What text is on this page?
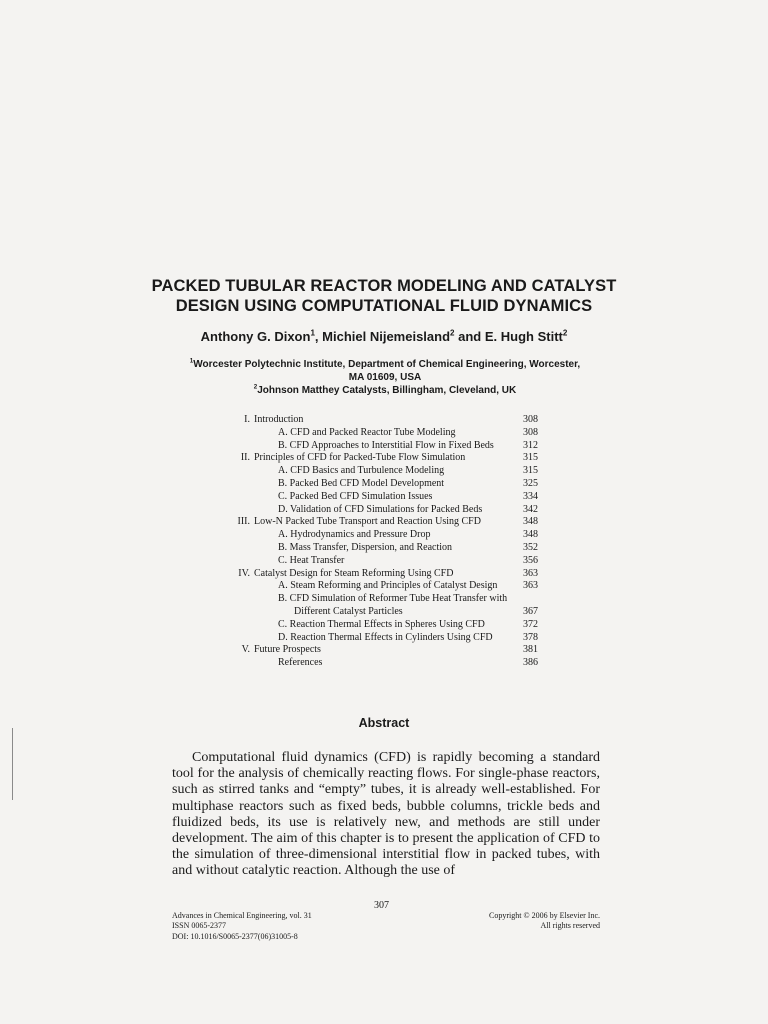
PACKED TUBULAR REACTOR MODELING AND CATALYST
DESIGN USING COMPUTATIONAL FLUID DYNAMICS
Anthony G. Dixon$^1$, Michiel Nijemeisland$^2$ and E. Hugh Stitt$^2$
$^1$Worcester Polytechnic Institute, Department of Chemical Engineering, Worcester,
MA 01609, USA
$^2$Johnson Matthey Catalysts, Billingham, Cleveland, UK
I. Introduction	308
A. CFD and Packed Reactor Tube Modeling	308
B. CFD Approaches to Interstitial Flow in Fixed Beds	312
II. Principles of CFD for Packed-Tube Flow Simulation	315
A. CFD Basics and Turbulence Modeling	315
B. Packed Bed CFD Model Development	325
C. Packed Bed CFD Simulation Issues	334
D. Validation of CFD Simulations for Packed Beds	342
III. Low-N Packed Tube Transport and Reaction Using CFD	348
A. Hydrodynamics and Pressure Drop	348
B. Mass Transfer, Dispersion, and Reaction	352
C. Heat Transfer	356
IV. Catalyst Design for Steam Reforming Using CFD	363
A. Steam Reforming and Principles of Catalyst Design	363
B. CFD Simulation of Reformer Tube Heat Transfer with
Different Catalyst Particles	367
C. Reaction Thermal Effects in Spheres Using CFD	372
D. Reaction Thermal Effects in Cylinders Using CFD	378
V. Future Prospects	381
References	386
Abstract

Computational fluid dynamics (CFD) is rapidly becoming a standard tool for the analysis of chemically reacting flows. For single-phase reactors, such as stirred tanks and “empty” tubes, it is already well-established. For multiphase reactors such as fixed beds, bubble columns, trickle beds and fluidized beds, its use is relatively new, and methods are still under development. The aim of this chapter is to present the application of CFD to the simulation of three-dimensional interstitial flow in packed tubes, with and without catalytic reaction. Although the use of

307
Advances in Chemical Engineering, vol. 31
ISSN 0065-2377
DOI: 10.1016/S0065-2377(06)31005-8
Copyright © 2006 by Elsevier Inc.
All rights reserved
